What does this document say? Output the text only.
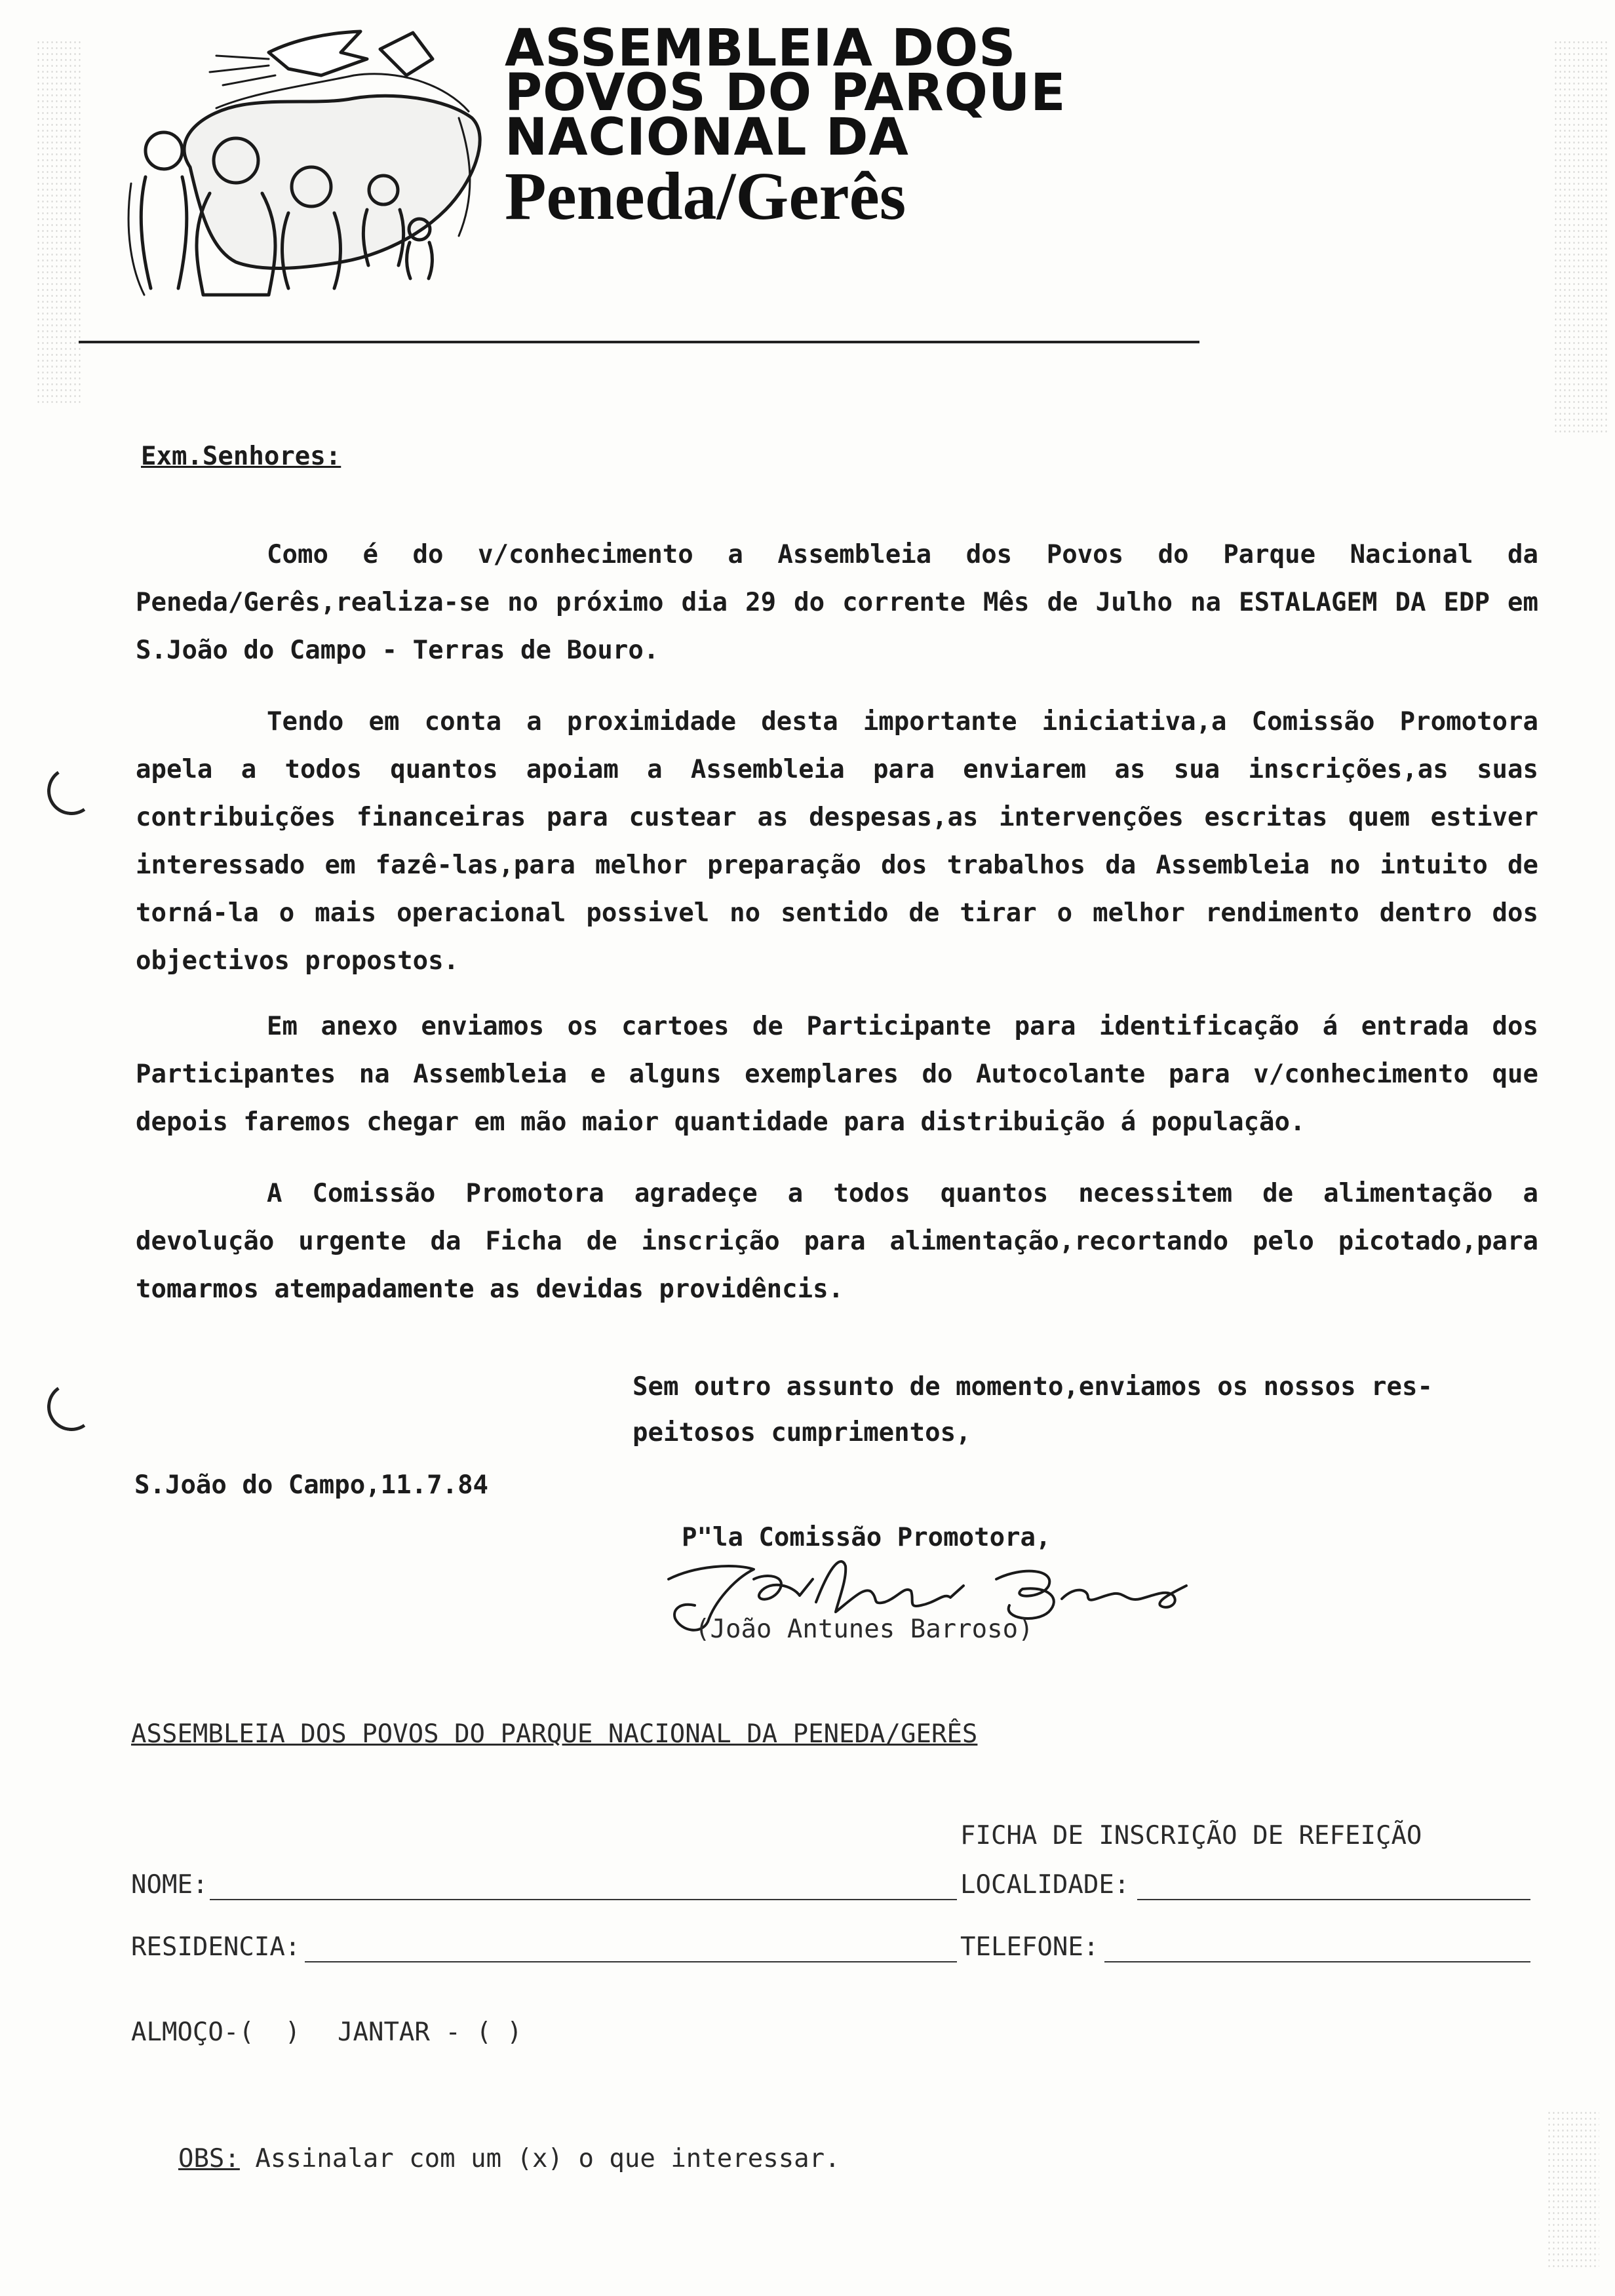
ASSEMBLEIA DOS
POVOS DO PARQUE
NACIONAL DA
Peneda/Gerês
Exm.Senhores:
Como é do v/conhecimento a Assembleia dos Povos do Parque Nacional da Peneda/Gerês,realiza-se no próximo dia 29 do corrente Mês de Julho na ESTALAGEM DA EDP em S.João do Campo - Terras de Bouro.
Tendo em conta a proximidade desta importante iniciativa,a Comissão Promotora apela a todos quantos apoiam a Assembleia para enviarem as sua inscrições,as suas contribuições financeiras para custear as despesas,as intervenções escritas quem estiver interessado em fazê-las,para melhor preparação dos trabalhos da Assembleia no intuito de torná-la o mais operacional possivel no sentido de tirar o melhor rendimento dentro dos objectivos propostos.
Em anexo enviamos os cartoes de Participante para identificação á entrada dos Participantes na Assembleia e alguns exemplares do Autocolante para v/conhecimento que depois faremos chegar em mão maior quantidade para distribuição á população.
A Comissão Promotora agradeçe a todos quantos necessitem de alimentação a devolução urgente da Ficha de inscrição para alimentação,recortando pelo picotado,para tomarmos atempadamente as devidas providêncis.
Sem outro assunto de momento,enviamos os nossos res-
peitosos cumprimentos,
S.João do Campo,11.7.84
P"la Comissão Promotora,
(João Antunes Barroso)
ASSEMBLEIA DOS POVOS DO PARQUE NACIONAL DA PENEDA/GERÊS
FICHA DE INSCRIÇÃO DE REFEIÇÃO
NOME:	LOCALIDADE:
RESIDENCIA:	TELEFONE:
ALMOÇO-(  ) JANTAR - ( )

OBS: Assinalar com um (x) o que interessar.
